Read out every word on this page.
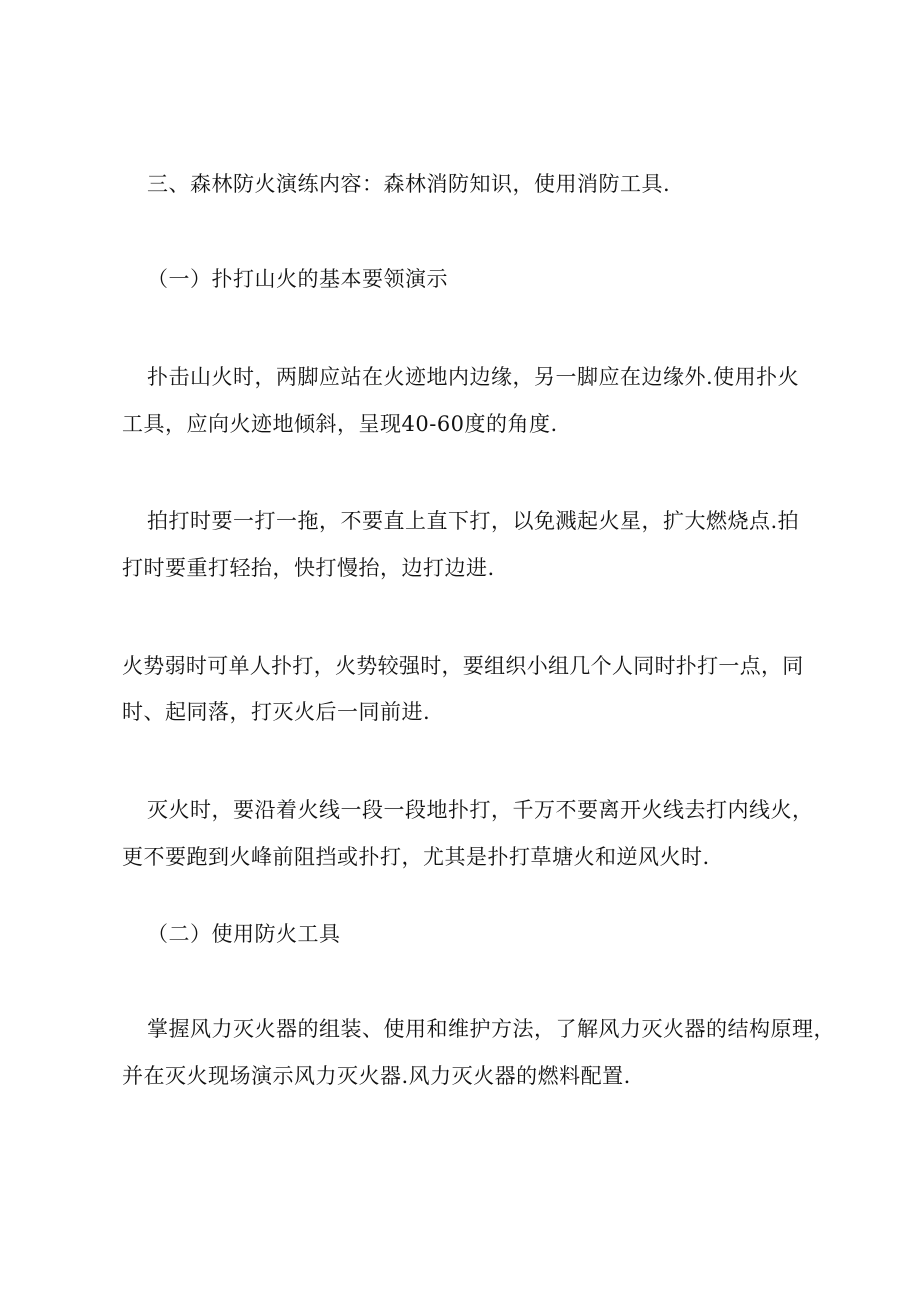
三、森林防火演练内容：森林消防知识，使用消防工具.

（一）扑打山火的基本要领演示

扑击山火时，两脚应站在火迹地内边缘，另一脚应在边缘外.使用扑火

工具，应向火迹地倾斜，呈现40-60度的角度.

拍打时要一打一拖，不要直上直下打，以免溅起火星，扩大燃烧点.拍

打时要重打轻抬，快打慢抬，边打边进.

火势弱时可单人扑打，火势较强时，要组织小组几个人同时扑打一点，同

时、起同落，打灭火后一同前进.

灭火时，要沿着火线一段一段地扑打，千万不要离开火线去打内线火，

更不要跑到火峰前阻挡或扑打，尤其是扑打草塘火和逆风火时.

（二）使用防火工具

掌握风力灭火器的组装、使用和维护方法，了解风力灭火器的结构原理，

并在灭火现场演示风力灭火器.风力灭火器的燃料配置.
